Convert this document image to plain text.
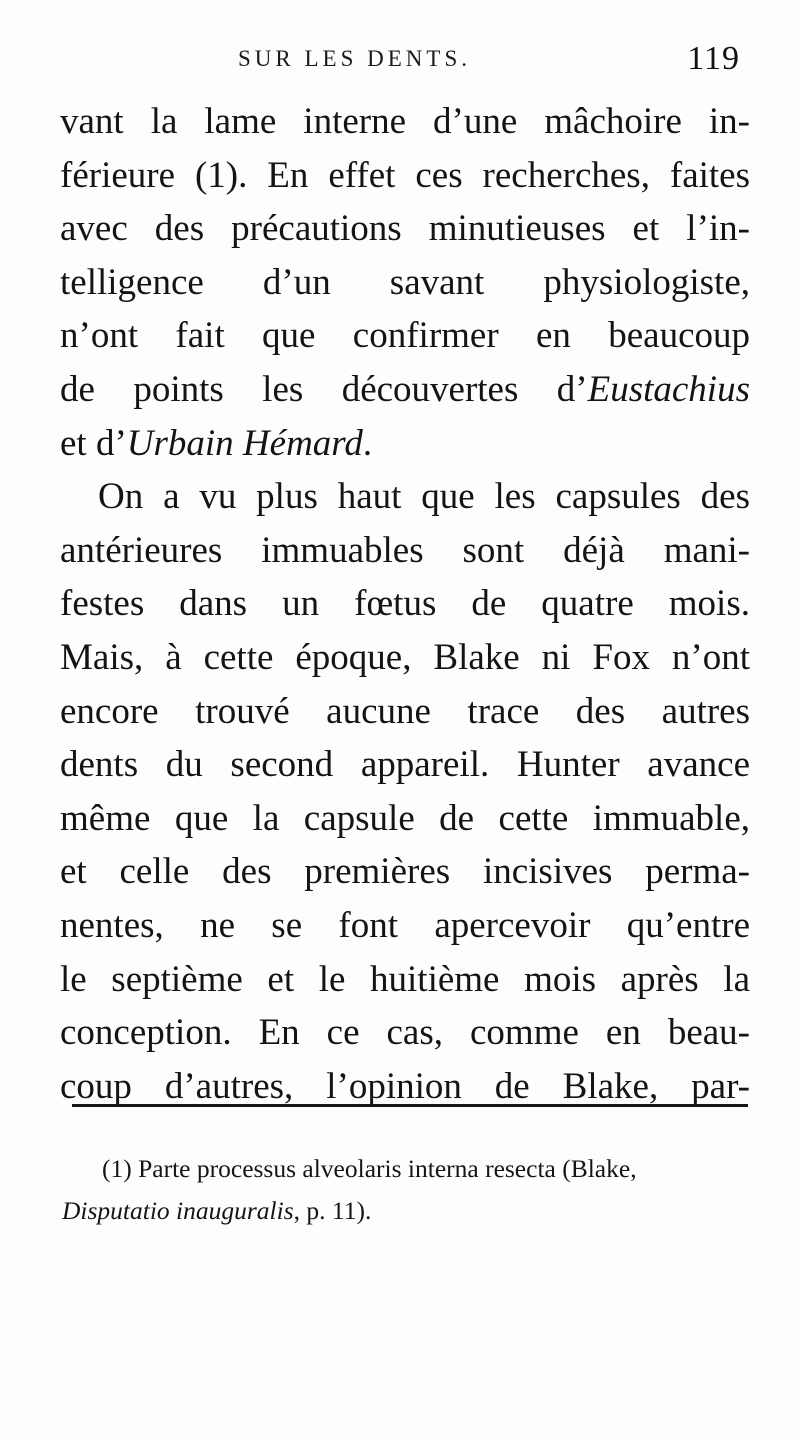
SUR LES DENTS.	119
vant la lame interne d’une mâchoire in-
férieure (1). En effet ces recherches, faites
avec des précautions minutieuses et l’in-
telligence d’un savant physiologiste,
n’ont fait que confirmer en beaucoup
de points les découvertes d’Eustachius
et d’Urbain Hémard.
On a vu plus haut que les capsules des
antérieures immuables sont déjà mani-
festes dans un fœtus de quatre mois.
Mais, à cette époque, Blake ni Fox n’ont
encore trouvé aucune trace des autres
dents du second appareil. Hunter avance
même que la capsule de cette immuable,
et celle des premières incisives perma-
nentes, ne se font apercevoir qu’entre
le septième et le huitième mois après la
conception. En ce cas, comme en beau-
coup d’autres, l’opinion de Blake, par-
(1) Parte processus alveolaris interna resecta (Blake,
Disputatio inauguralis, p. 11).
